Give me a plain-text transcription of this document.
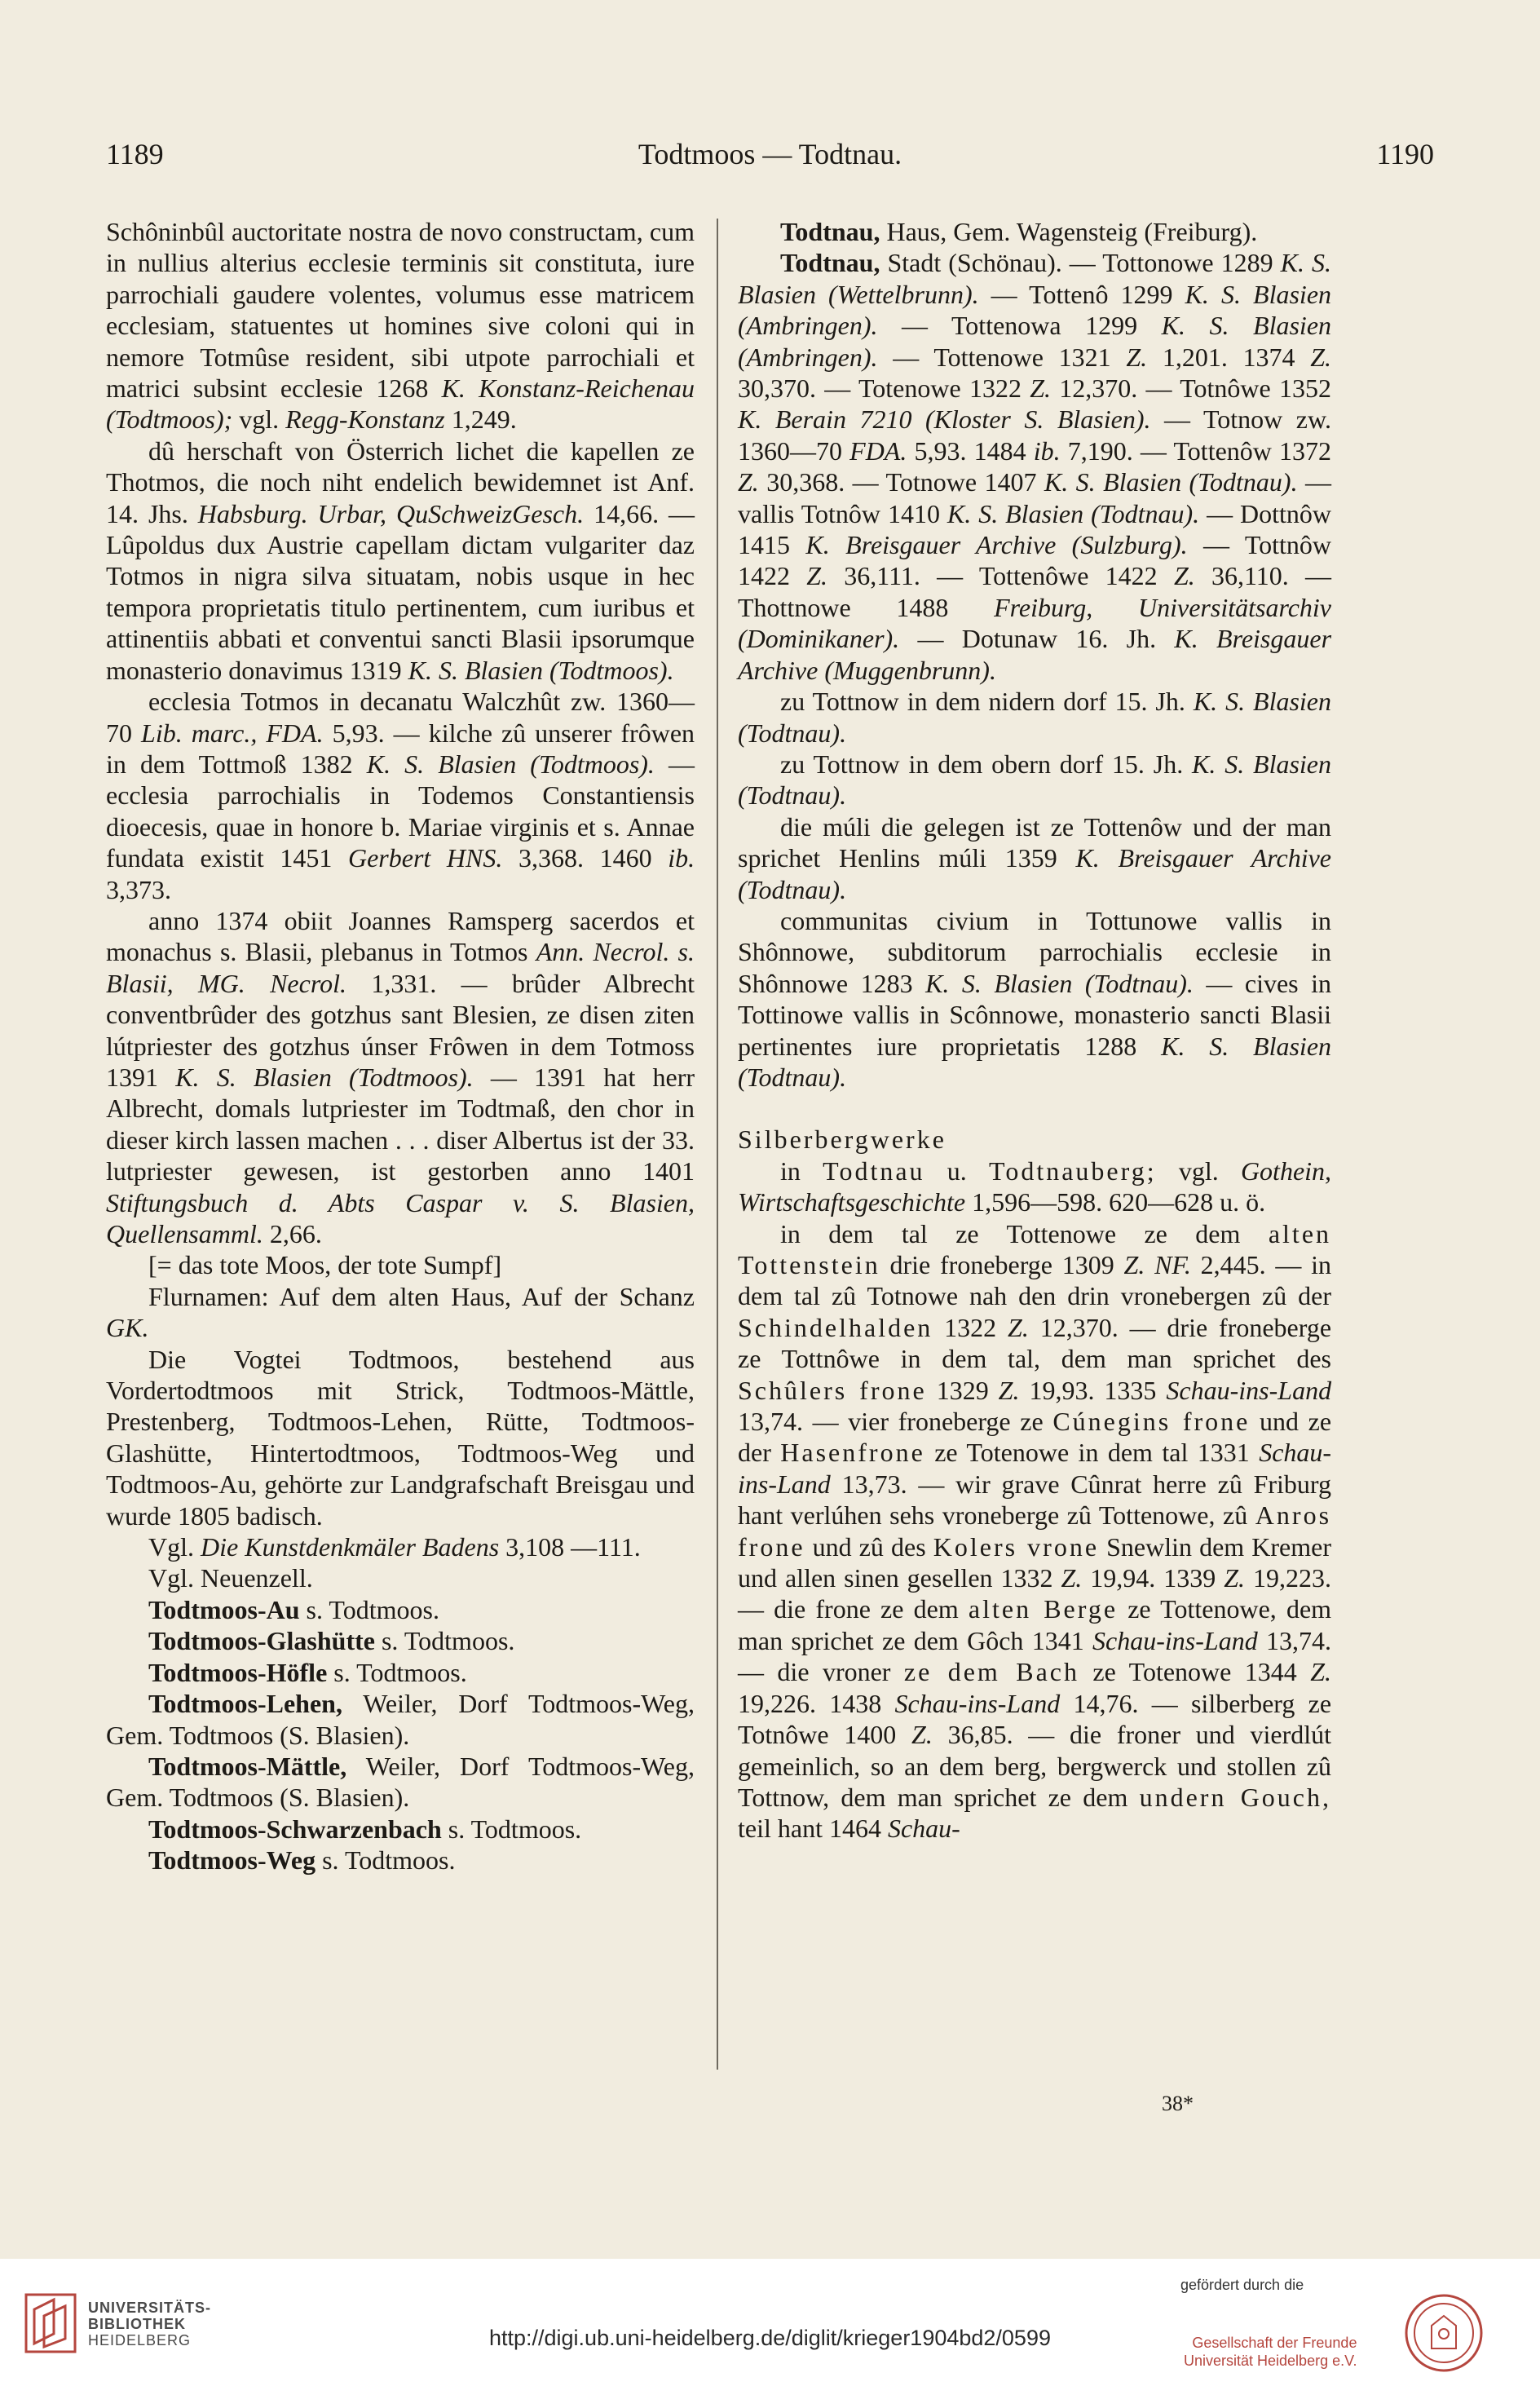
1189	Todtmoos — Todtnau.	1190

Schôninbûl auctoritate nostra de novo constructam, cum in nullius alterius ecclesie terminis sit constituta, iure parrochiali gaudere volentes, volumus esse matricem ecclesiam, statuentes ut homines sive coloni qui in nemore Totmûse resident, sibi utpote parrochiali et matrici subsint ecclesie 1268 K. Konstanz-Reichenau (Todtmoos); vgl. Regg-Konstanz 1,249.

dû herschaft von Österrich lichet die kapellen ze Thotmos, die noch niht endelich bewidemnet ist Anf. 14. Jhs. Habsburg. Urbar, QuSchweizGesch. 14,66. — Lûpoldus dux Austrie capellam dictam vulgariter daz Totmos in nigra silva situatam, nobis usque in hec tempora proprietatis titulo pertinentem, cum iuribus et attinentiis abbati et conventui sancti Blasii ipsorumque monasterio donavimus 1319 K. S. Blasien (Todtmoos).

ecclesia Totmos in decanatu Walczhût zw. 1360—70 Lib. marc., FDA. 5,93. — kilche zû unserer frôwen in dem Tottmoß 1382 K. S. Blasien (Todtmoos). — ecclesia parrochialis in Todemos Constantiensis dioecesis, quae in honore b. Mariae virginis et s. Annae fundata existit 1451 Gerbert HNS. 3,368. 1460 ib. 3,373.

anno 1374 obiit Joannes Ramsperg sacerdos et monachus s. Blasii, plebanus in Totmos Ann. Necrol. s. Blasii, MG. Necrol. 1,331. — brûder Albrecht conventbrûder des gotzhus sant Blesien, ze disen ziten lútpriester des gotzhus únser Frôwen in dem Totmoss 1391 K. S. Blasien (Todtmoos). — 1391 hat herr Albrecht, domals lutpriester im Todtmaß, den chor in dieser kirch lassen machen . . . diser Albertus ist der 33. lutpriester gewesen, ist gestorben anno 1401 Stiftungsbuch d. Abts Caspar v. S. Blasien, Quellensamml. 2,66.

[= das tote Moos, der tote Sumpf]

Flurnamen: Auf dem alten Haus, Auf der Schanz GK.

Die Vogtei Todtmoos, bestehend aus Vordertodtmoos mit Strick, Todtmoos-Mättle, Prestenberg, Todtmoos-Lehen, Rütte, Todtmoos-Glashütte, Hintertodtmoos, Todtmoos-Weg und Todtmoos-Au, gehörte zur Landgrafschaft Breisgau und wurde 1805 badisch.

Vgl. Die Kunstdenkmäler Badens 3,108 —111.

Vgl. Neuenzell.

Todtmoos-Au s. Todtmoos.

Todtmoos-Glashütte s. Todtmoos.

Todtmoos-Höfle s. Todtmoos.

Todtmoos-Lehen, Weiler, Dorf Todtmoos-Weg, Gem. Todtmoos (S. Blasien).

Todtmoos-Mättle, Weiler, Dorf Todtmoos-Weg, Gem. Todtmoos (S. Blasien).

Todtmoos-Schwarzenbach s. Todtmoos.

Todtmoos-Weg s. Todtmoos.

Todtnau, Haus, Gem. Wagensteig (Freiburg).

Todtnau, Stadt (Schönau). — Tottonowe 1289 K. S. Blasien (Wettelbrunn). — Tottenô 1299 K. S. Blasien (Ambringen). — Tottenowa 1299 K. S. Blasien (Ambringen). — Tottenowe 1321 Z. 1,201. 1374 Z. 30,370. — Totenowe 1322 Z. 12,370. — Totnôwe 1352 K. Berain 7210 (Kloster S. Blasien). — Totnow zw. 1360—70 FDA. 5,93. 1484 ib. 7,190. — Tottenôw 1372 Z. 30,368. — Totnowe 1407 K. S. Blasien (Todtnau). — vallis Totnôw 1410 K. S. Blasien (Todtnau). — Dottnôw 1415 K. Breisgauer Archive (Sulzburg). — Tottnôw 1422 Z. 36,111. — Tottenôwe 1422 Z. 36,110. — Thottnowe 1488 Freiburg, Universitätsarchiv (Dominikaner). — Dotunaw 16. Jh. K. Breisgauer Archive (Muggenbrunn).

zu Tottnow in dem nidern dorf 15. Jh. K. S. Blasien (Todtnau).

zu Tottnow in dem obern dorf 15. Jh. K. S. Blasien (Todtnau).

die múli die gelegen ist ze Tottenôw und der man sprichet Henlins múli 1359 K. Breisgauer Archive (Todtnau).

communitas civium in Tottunowe vallis in Shônnowe, subditorum parrochialis ecclesie in Shônnowe 1283 K. S. Blasien (Todtnau). — cives in Tottinowe vallis in Scônnowe, monasterio sancti Blasii pertinentes iure proprietatis 1288 K. S. Blasien (Todtnau).

Silberbergwerke

in Todtnau u. Todtnauberg; vgl. Gothein, Wirtschaftsgeschichte 1,596—598. 620—628 u. ö.

in dem tal ze Tottenowe ze dem alten Tottenstein drie froneberge 1309 Z. NF. 2,445. — in dem tal zû Totnowe nah den drin vronebergen zû der Schindelhalden 1322 Z. 12,370. — drie froneberge ze Tottnôwe in dem tal, dem man sprichet des Schûlers frone 1329 Z. 19,93. 1335 Schau-ins-Land 13,74. — vier froneberge ze Cúnegins frone und ze der Hasenfrone ze Totenowe in dem tal 1331 Schau-ins-Land 13,73. — wir grave Cûnrat herre zû Friburg hant verlúhen sehs vroneberge zû Tottenowe, zû Anros frone und zû des Kolers vrone Snewlin dem Kremer und allen sinen gesellen 1332 Z. 19,94. 1339 Z. 19,223. — die frone ze dem alten Berge ze Tottenowe, dem man sprichet ze dem Gôch 1341 Schau-ins-Land 13,74. — die vroner ze dem Bach ze Totenowe 1344 Z. 19,226. 1438 Schau-ins-Land 14,76. — silberberg ze Totnôwe 1400 Z. 36,85. — die froner und vierdlút gemeinlich, so an dem berg, bergwerck und stollen zû Tottnow, dem man sprichet ze dem undern Gouch, teil hant 1464 Schau-

38*
UNIVERSITÄTS-
BIBLIOTHEK
HEIDELBERG	http://digi.ub.uni-heidelberg.de/diglit/krieger1904bd2/0599
gefördert durch die
Gesellschaft der Freunde
Universität Heidelberg e.V.
